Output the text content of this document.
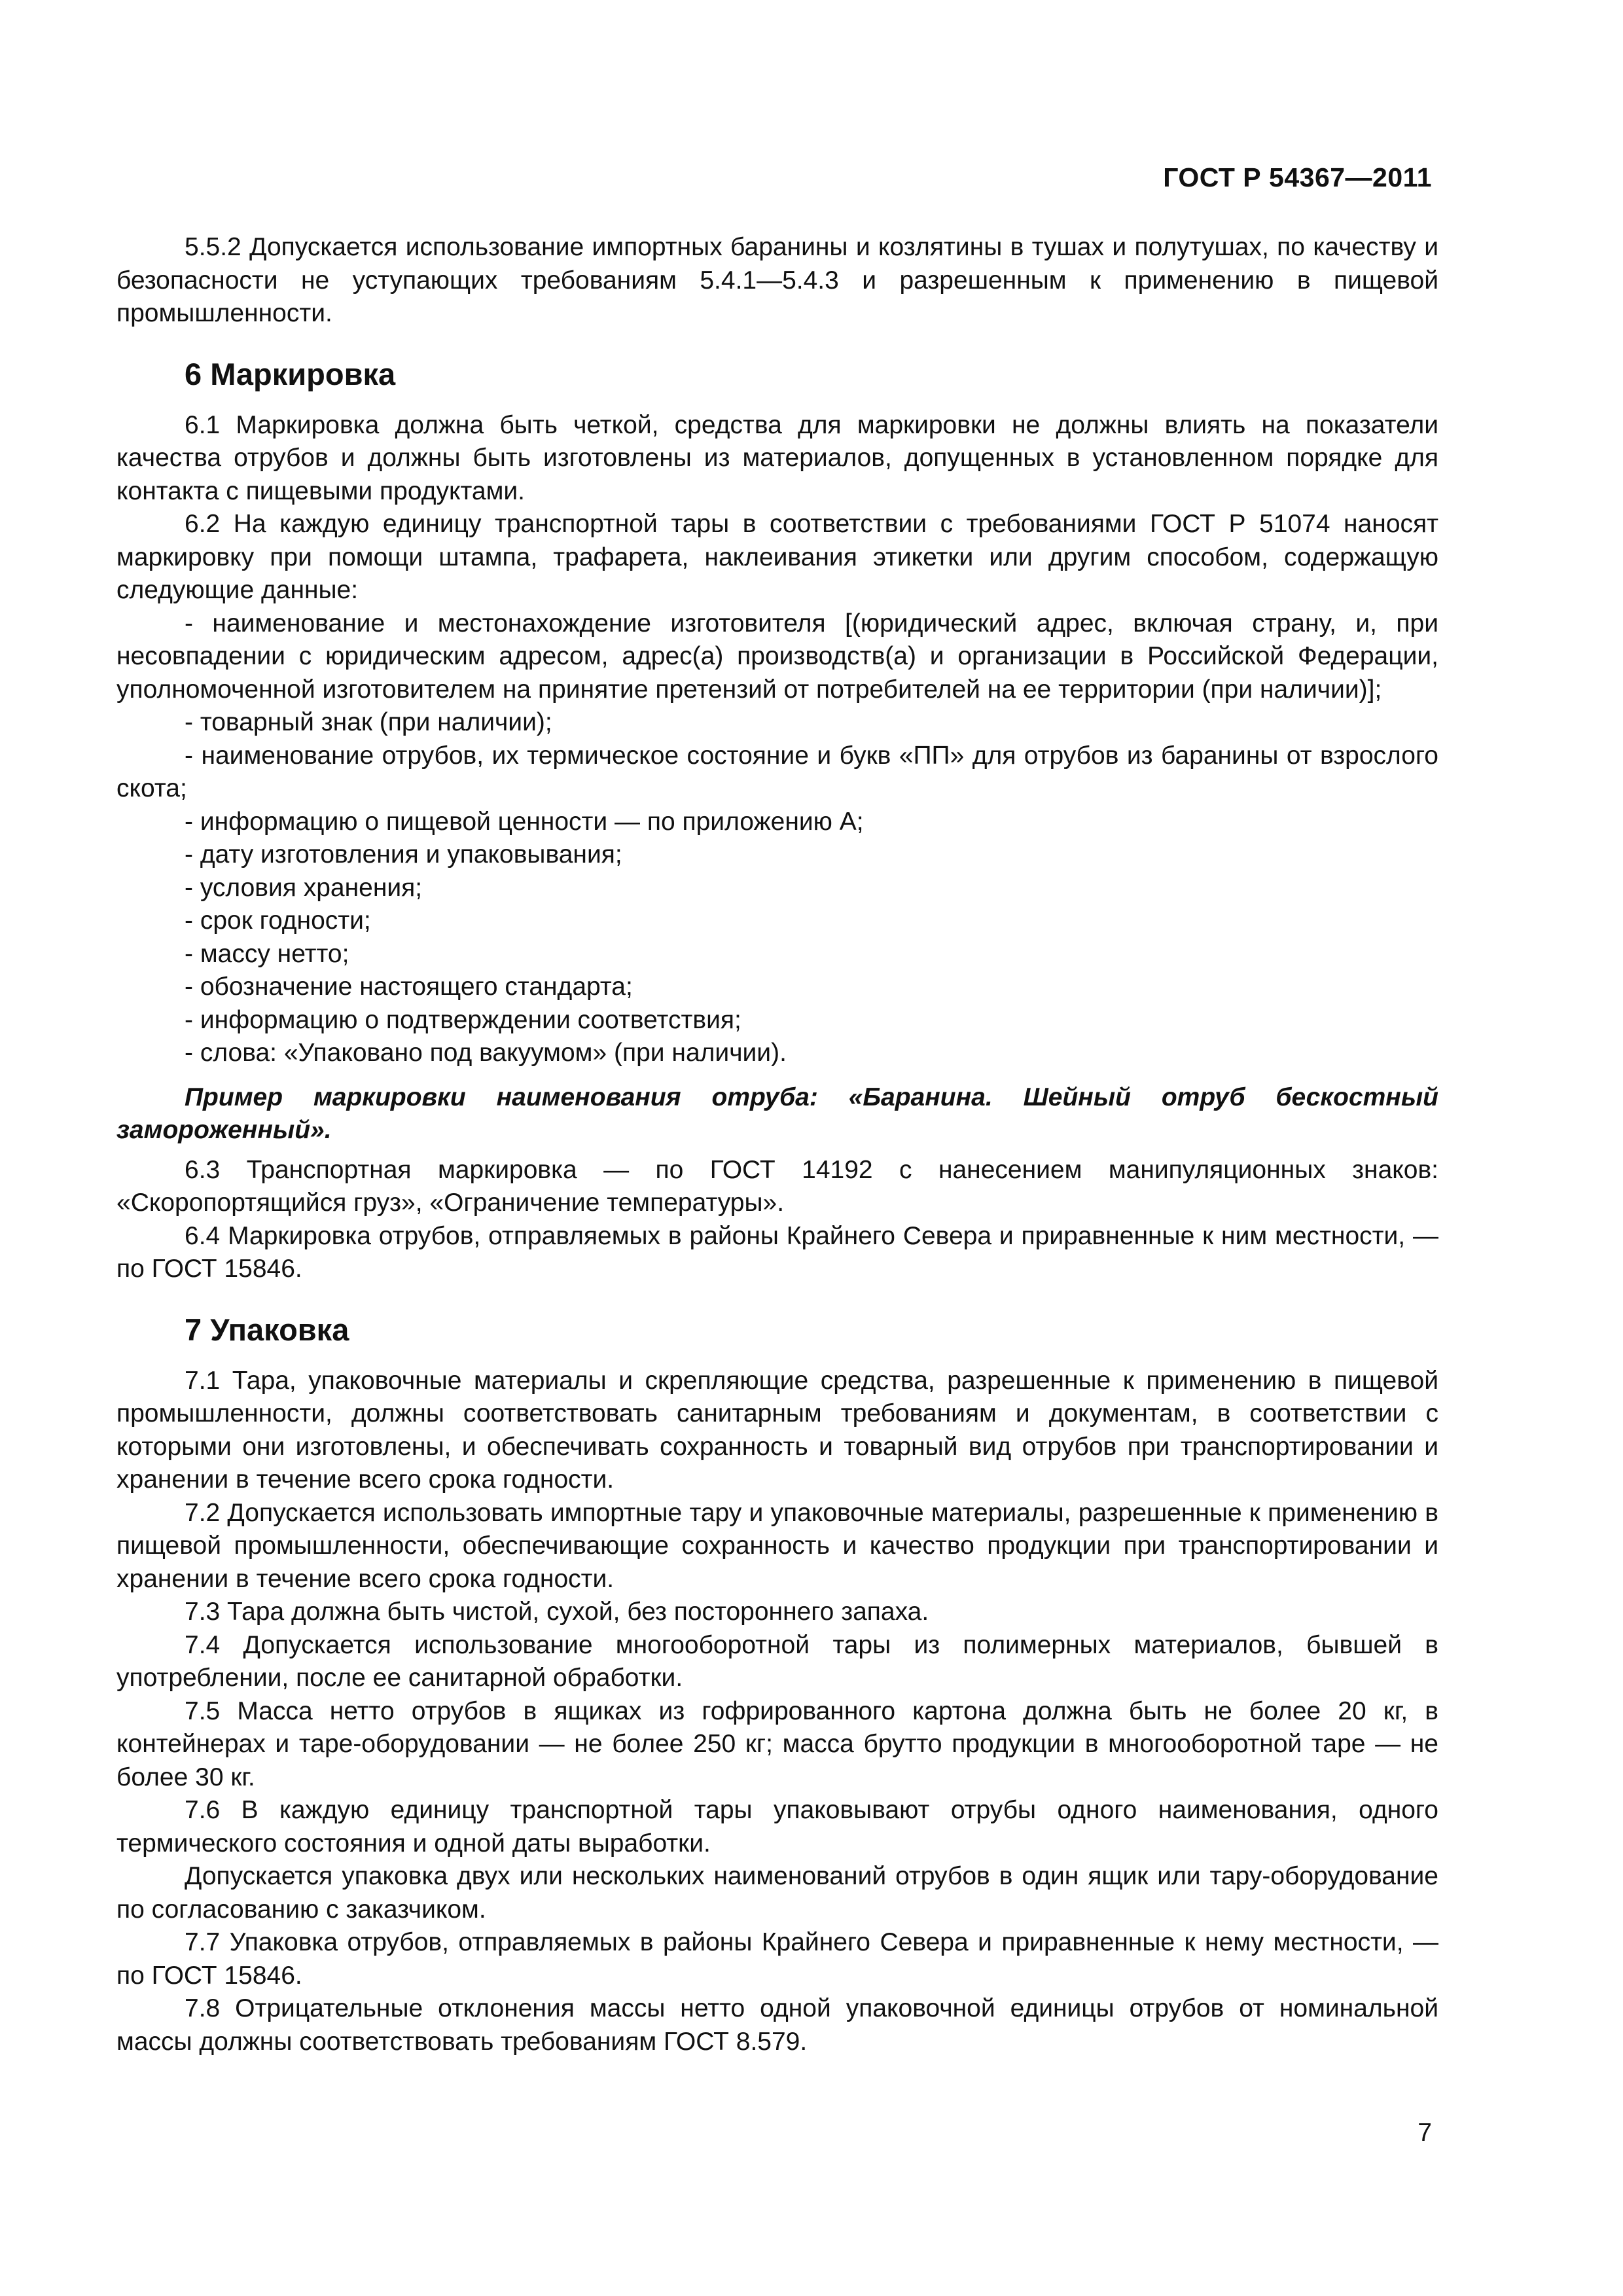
ГОСТ Р 54367—2011

5.5.2 Допускается использование импортных баранины и козлятины в тушах и полутушах, по качеству и безопасности не уступающих требованиям 5.4.1—5.4.3 и разрешенным к применению в пищевой промышленности.

6 Маркировка

6.1 Маркировка должна быть четкой, средства для маркировки не должны влиять на показатели качества отрубов и должны быть изготовлены из материалов, допущенных в установленном порядке для контакта с пищевыми продуктами.

6.2 На каждую единицу транспортной тары в соответствии с требованиями ГОСТ Р 51074 наносят маркировку при помощи штампа, трафарета, наклеивания этикетки или другим способом, содержащую следующие данные:

- наименование и местонахождение изготовителя [(юридический адрес, включая страну, и, при несовпадении с юридическим адресом, адрес(а) производств(а) и организации в Российской Федерации, уполномоченной изготовителем на принятие претензий от потребителей на ее территории (при наличии)];

- товарный знак (при наличии);

- наименование отрубов, их термическое состояние и букв «ПП» для отрубов из баранины от взрослого скота;

- информацию о пищевой ценности — по приложению А;

- дату изготовления и упаковывания;

- условия хранения;

- срок годности;

- массу нетто;

- обозначение настоящего стандарта;

- информацию о подтверждении соответствия;

- слова: «Упаковано под вакуумом» (при наличии).

Пример маркировки наименования отруба: «Баранина. Шейный отруб бескостный замороженный».

6.3 Транспортная маркировка — по ГОСТ 14192 с нанесением манипуляционных знаков: «Скоропортящийся груз», «Ограничение температуры».

6.4 Маркировка отрубов, отправляемых в районы Крайнего Севера и приравненные к ним местности, — по ГОСТ 15846.

7 Упаковка

7.1 Тара, упаковочные материалы и скрепляющие средства, разрешенные к применению в пищевой промышленности, должны соответствовать санитарным требованиям и документам, в соответствии с которыми они изготовлены, и обеспечивать сохранность и товарный вид отрубов при транспортировании и хранении в течение всего срока годности.

7.2 Допускается использовать импортные тару и упаковочные материалы, разрешенные к применению в пищевой промышленности, обеспечивающие сохранность и качество продукции при транспортировании и хранении в течение всего срока годности.

7.3 Тара должна быть чистой, сухой, без постороннего запаха.

7.4 Допускается использование многооборотной тары из полимерных материалов, бывшей в употреблении, после ее санитарной обработки.

7.5 Масса нетто отрубов в ящиках из гофрированного картона должна быть не более 20 кг, в контейнерах и таре-оборудовании — не более 250 кг; масса брутто продукции в многооборотной таре — не более 30 кг.

7.6 В каждую единицу транспортной тары упаковывают отрубы одного наименования, одного термического состояния и одной даты выработки.

Допускается упаковка двух или нескольких наименований отрубов в один ящик или тару-оборудование по согласованию с заказчиком.

7.7 Упаковка отрубов, отправляемых в районы Крайнего Севера и приравненные к нему местности, — по ГОСТ 15846.

7.8 Отрицательные отклонения массы нетто одной упаковочной единицы отрубов от номинальной массы должны соответствовать требованиям ГОСТ 8.579.

7
